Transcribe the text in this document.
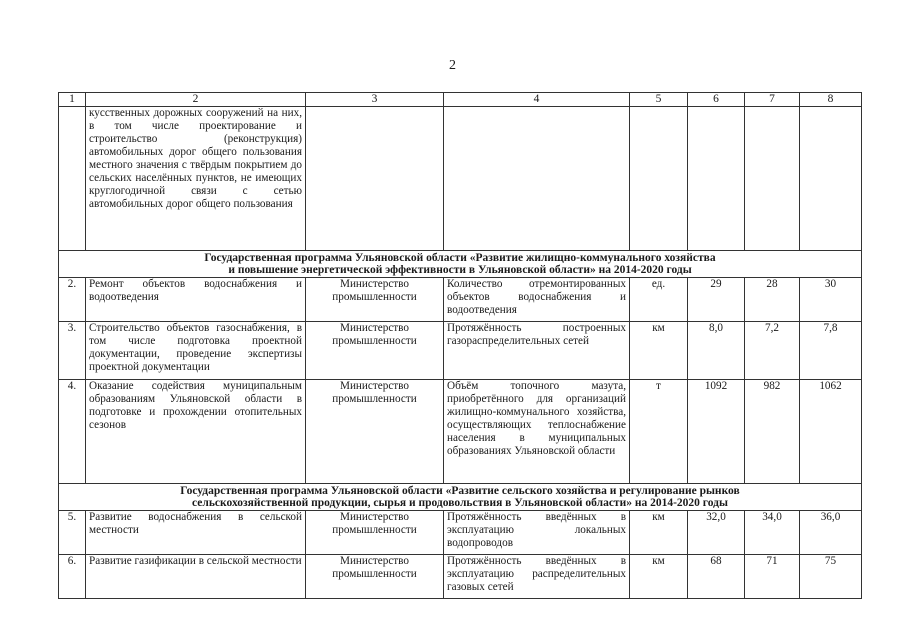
2
1	2	3	4	5	6	7	8
	кусственных дорожных сооружений на них, в том числе проектирование и строительство (реконструкция) автомобильных дорог общего пользования местного значения с твёрдым покрытием до сельских населённых пунктов, не имеющих круглогодичной связи с сетью автомобильных дорог общего пользования						

Государственная программа Ульяновской области «Развитие жилищно-коммунального хозяйства
и повышение энергетической эффективности в Ульяновской области» на 2014-2020 годы							

2.	Ремонт объектов водоснабжения и водоотведения	Министерство промышленности	Количество отремонтированных объектов водоснабжения и водоотведения	ед.	29	28	30
3.	Строительство объектов газоснабжения, в том числе подготовка проектной документации, проведение экспертизы проектной документации	Министерство промышленности	Протяжённость построенных газораспределительных сетей	км	8,0	7,2	7,8
4.	Оказание содействия муниципальным образованиям Ульяновской области в подготовке и прохождении отопительных сезонов	Министерство промышленности	Объём топочного мазута, приобретённого для организаций жилищно-коммунального хозяйства, осуществляющих теплоснабжение населения в муниципальных образованиях Ульяновской области	т	1092	982	1062

Государственная программа Ульяновской области «Развитие сельского хозяйства и регулирование рынков
сельскохозяйственной продукции, сырья и продовольствия в Ульяновской области» на 2014-2020 годы							

5.	Развитие водоснабжения в сельской местности	Министерство промышленности	Протяжённость введённых в эксплуатацию локальных водопроводов	км	32,0	34,0	36,0
6.	Развитие газификации в сельской местности	Министерство промышленности	Протяжённость введённых в эксплуатацию распределительных газовых сетей	км	68	71	75
